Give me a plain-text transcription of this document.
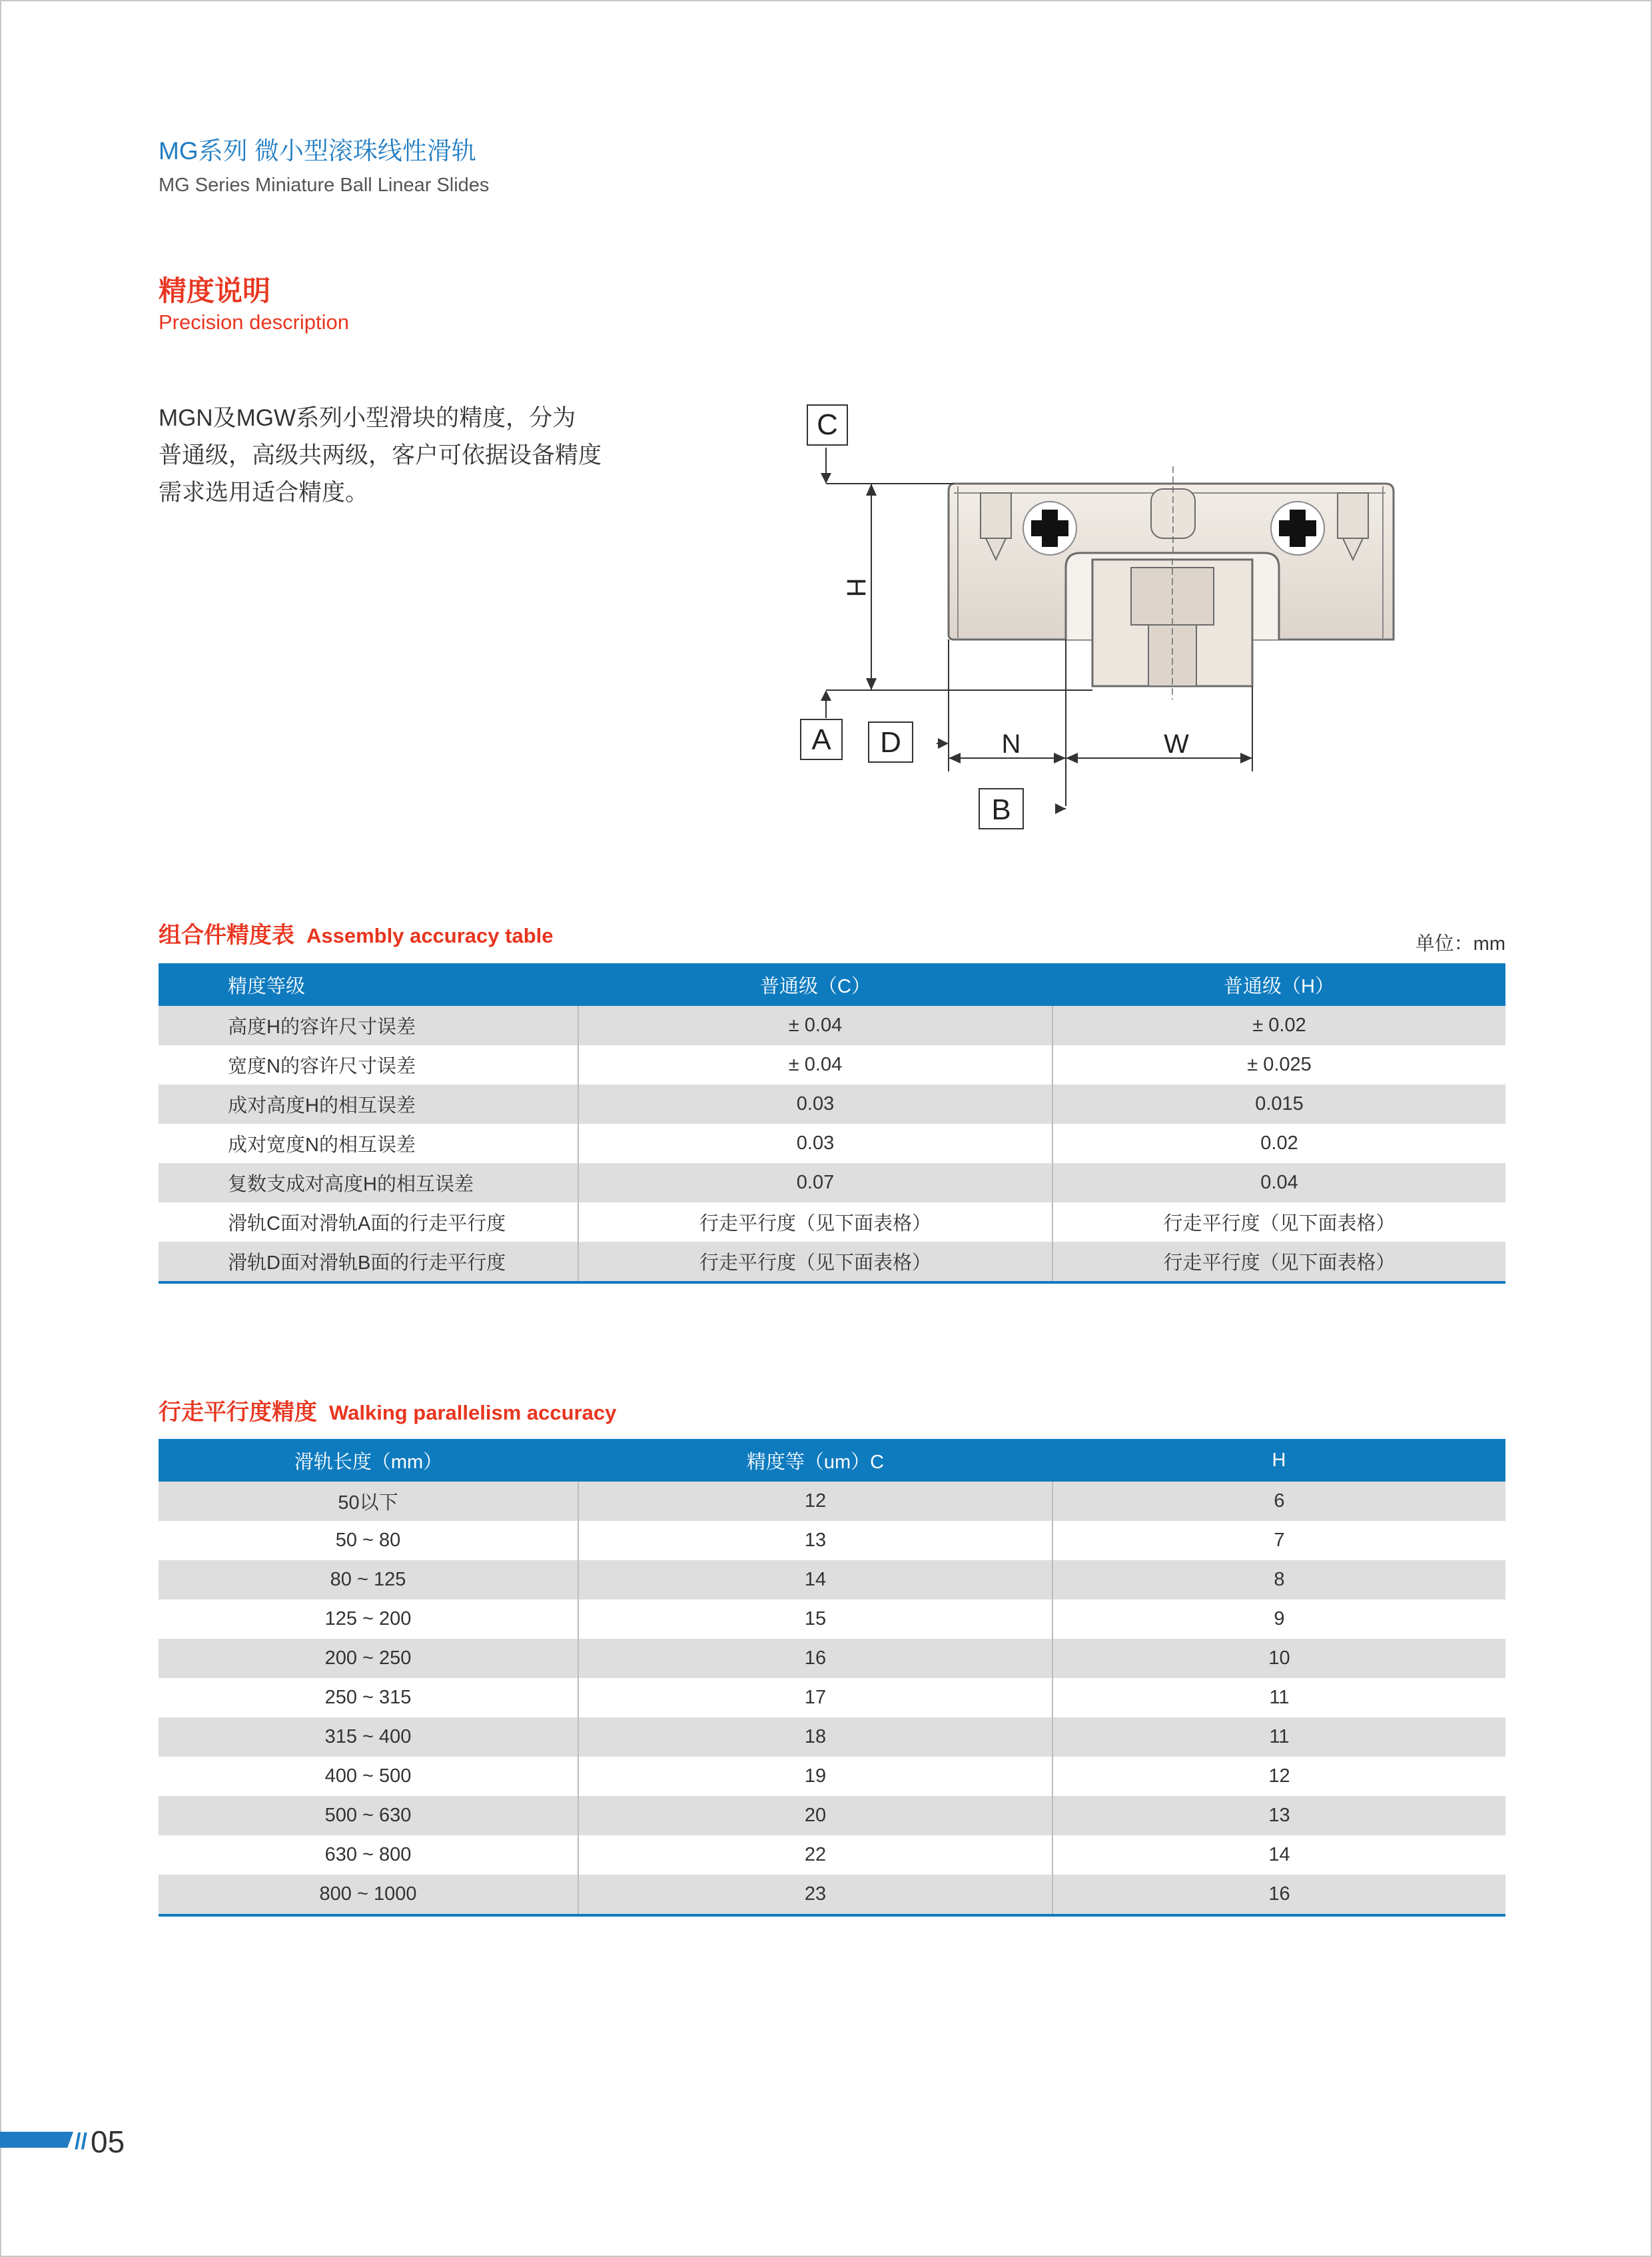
MG系列 微小型滚珠线性滑轨
MG Series Miniature Ball Linear Slides
精度说明
Precision description
MGN及MGW系列小型滑块的精度，分为
普通级，高级共两级，客户可依据设备精度
需求选用适合精度。
C
H
A D	N	W
B
组合件精度表 Assembly accuracy table	单位：mm
精度等级	普通级（C）	普通级（H）
高度H的容许尺寸误差	± 0.04	± 0.02
宽度N的容许尺寸误差	± 0.04	± 0.025
成对高度H的相互误差	0.03	0.015
成对宽度N的相互误差	0.03	0.02
复数支成对高度H的相互误差	0.07	0.04
滑轨C面对滑轨A面的行走平行度	行走平行度（见下面表格）	行走平行度（见下面表格）
滑轨D面对滑轨B面的行走平行度	行走平行度（见下面表格）	行走平行度（见下面表格）
行走平行度精度 Walking parallelism accuracy
滑轨长度（mm）	精度等（um）C	H
50以下	12	6
50 ~ 80	13	7
80 ~ 125	14	8
125 ~ 200	15	9
200 ~ 250	16	10
250 ~ 315	17	11
315 ~ 400	18	11
400 ~ 500	19	12
500 ~ 630	20	13
630 ~ 800	22	14
800 ~ 1000	23	16
// 05
